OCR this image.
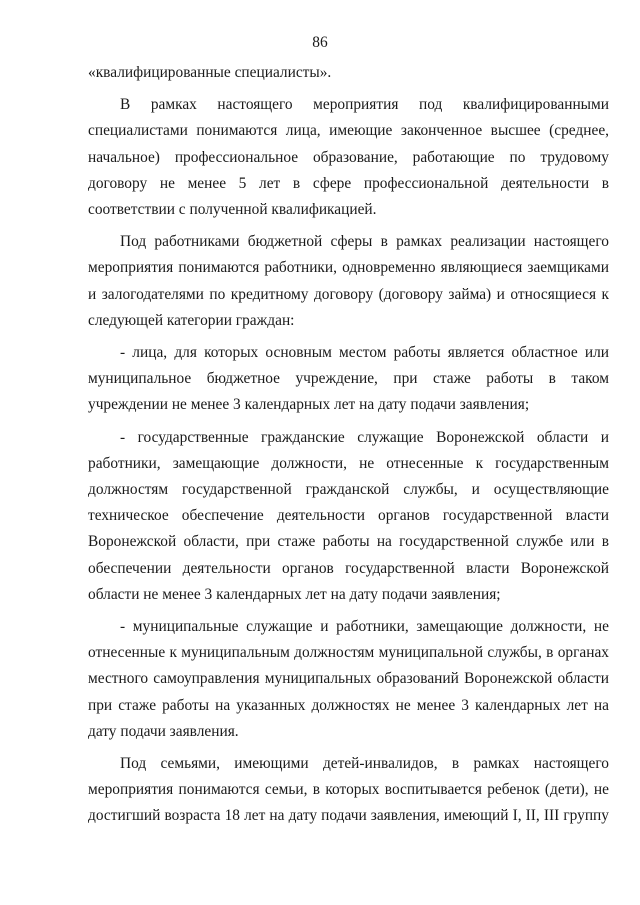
86

«квалифицированные специалисты».

В рамках настоящего мероприятия под квалифицированными специалистами понимаются лица, имеющие законченное высшее (среднее, начальное) профессиональное образование, работающие по трудовому договору не менее 5 лет в сфере профессиональной деятельности в соответствии с полученной квалификацией.

Под работниками бюджетной сферы в рамках реализации настоящего мероприятия понимаются работники, одновременно являющиеся заемщиками и залогодателями по кредитному договору (договору займа) и относящиеся к следующей категории граждан:

- лица, для которых основным местом работы является областное или муниципальное бюджетное учреждение, при стаже работы в таком учреждении не менее 3 календарных лет на дату подачи заявления;

- государственные гражданские служащие Воронежской области и работники, замещающие должности, не отнесенные к государственным должностям государственной гражданской службы, и осуществляющие техническое обеспечение деятельности органов государственной власти Воронежской области, при стаже работы на государственной службе или в обеспечении деятельности органов государственной власти Воронежской области не менее 3 календарных лет на дату подачи заявления;

- муниципальные служащие и работники, замещающие должности, не отнесенные к муниципальным должностям муниципальной службы, в органах местного самоуправления муниципальных образований Воронежской области при стаже работы на указанных должностях не менее 3 календарных лет на дату подачи заявления.

Под семьями, имеющими детей-инвалидов, в рамках настоящего мероприятия понимаются семьи, в которых воспитывается ребенок (дети), не достигший возраста 18 лет на дату подачи заявления, имеющий I, II, III группу
